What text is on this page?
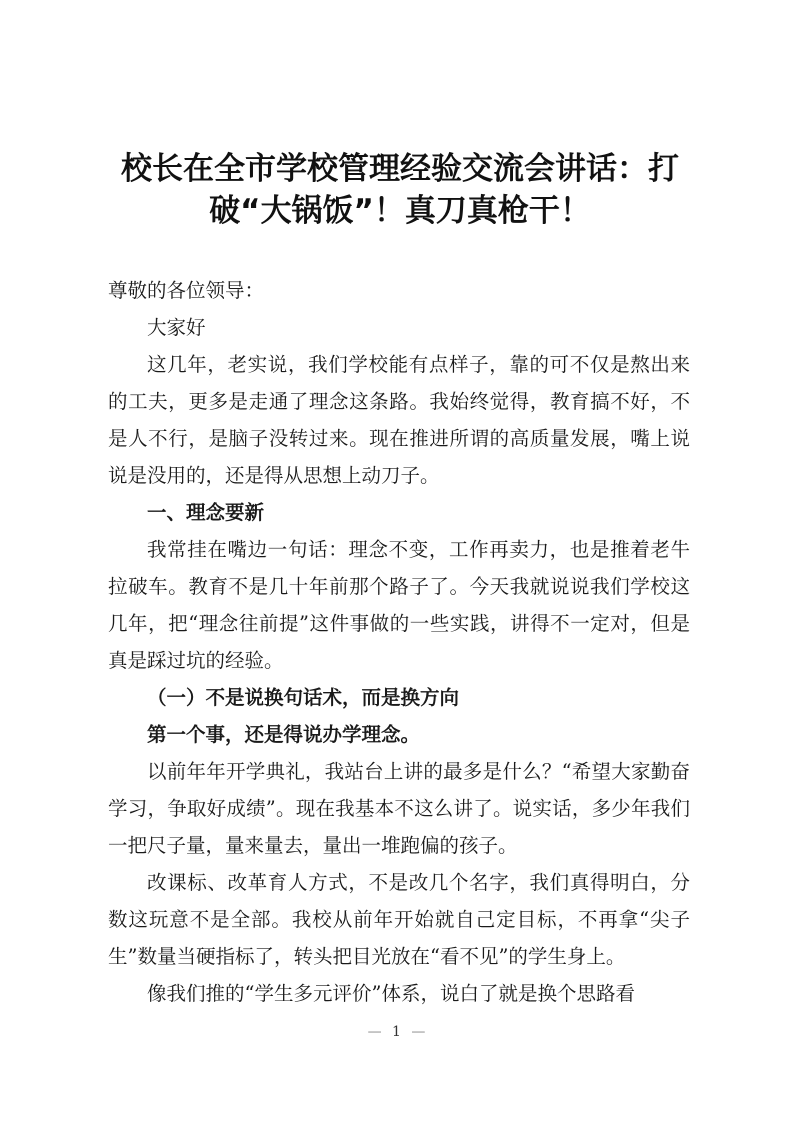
校长在全市学校管理经验交流会讲话：打破“大锅饭”！真刀真枪干！

尊敬的各位领导：

大家好

这几年，老实说，我们学校能有点样子，靠的可不仅是熬出来的工夫，更多是走通了理念这条路。我始终觉得，教育搞不好，不是人不行，是脑子没转过来。现在推进所谓的高质量发展，嘴上说说是没用的，还是得从思想上动刀子。

一、理念要新

我常挂在嘴边一句话：理念不变，工作再卖力，也是推着老牛拉破车。教育不是几十年前那个路子了。今天我就说说我们学校这几年，把“理念往前提”这件事做的一些实践，讲得不一定对，但是真是踩过坑的经验。

（一）不是说换句话术，而是换方向

第一个事，还是得说办学理念。

以前年年开学典礼，我站台上讲的最多是什么？“希望大家勤奋学习，争取好成绩”。现在我基本不这么讲了。说实话，多少年我们一把尺子量，量来量去，量出一堆跑偏的孩子。

改课标、改革育人方式，不是改几个名字，我们真得明白，分数这玩意不是全部。我校从前年开始就自己定目标，不再拿“尖子生”数量当硬指标了，转头把目光放在“看不见”的学生身上。

像我们推的“学生多元评价”体系，说白了就是换个思路看

— 1 —
